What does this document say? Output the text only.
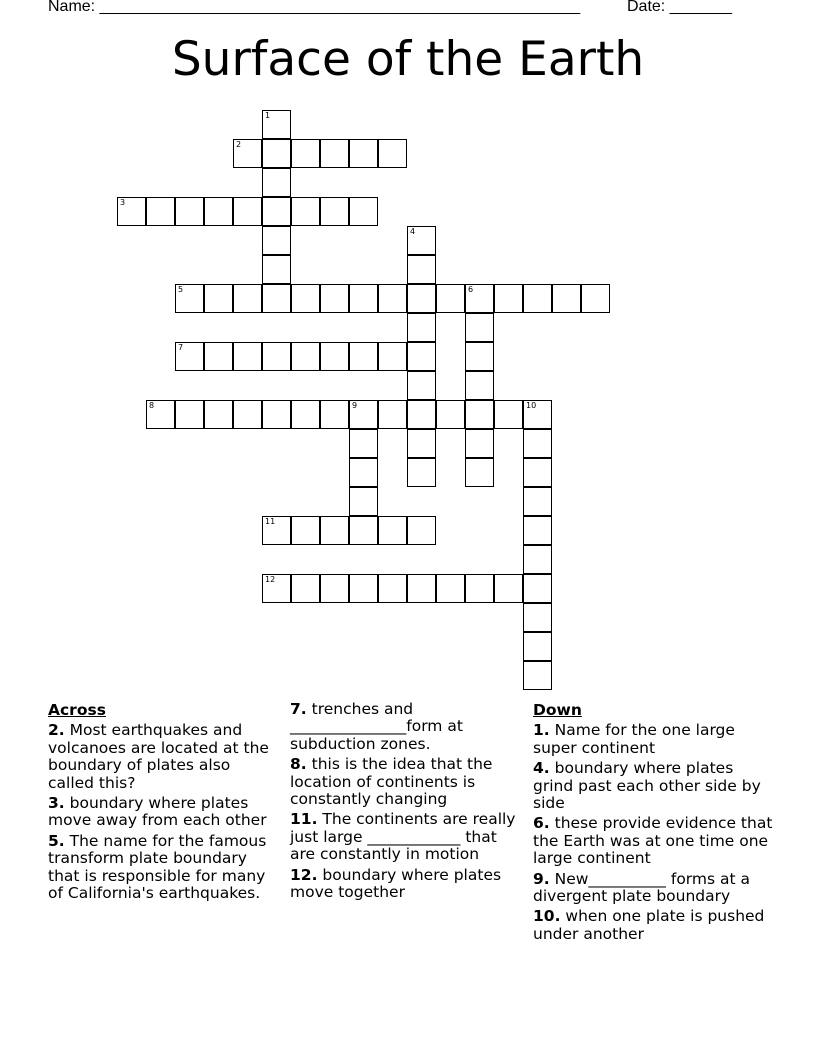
Name: ______________________________________________________	Date: _______
Surface of the Earth
1
2
3
4
5	6
7
8	9	10
11
12
Across
2. Most earthquakes and volcanoes are located at the boundary of plates also called this?
3. boundary where plates move away from each other
5. The name for the famous transform plate boundary that is responsible for many of California's earthquakes.
7. trenches and _______________form at subduction zones.
8. this is the idea that the location of continents is constantly changing
11. The continents are really just large ____________ that are constantly in motion
12. boundary where plates move together
Down
1. Name for the one large super continent
4. boundary where plates grind past each other side by side
6. these provide evidence that the Earth was at one time one large continent
9. New__________ forms at a divergent plate boundary
10. when one plate is pushed under another
